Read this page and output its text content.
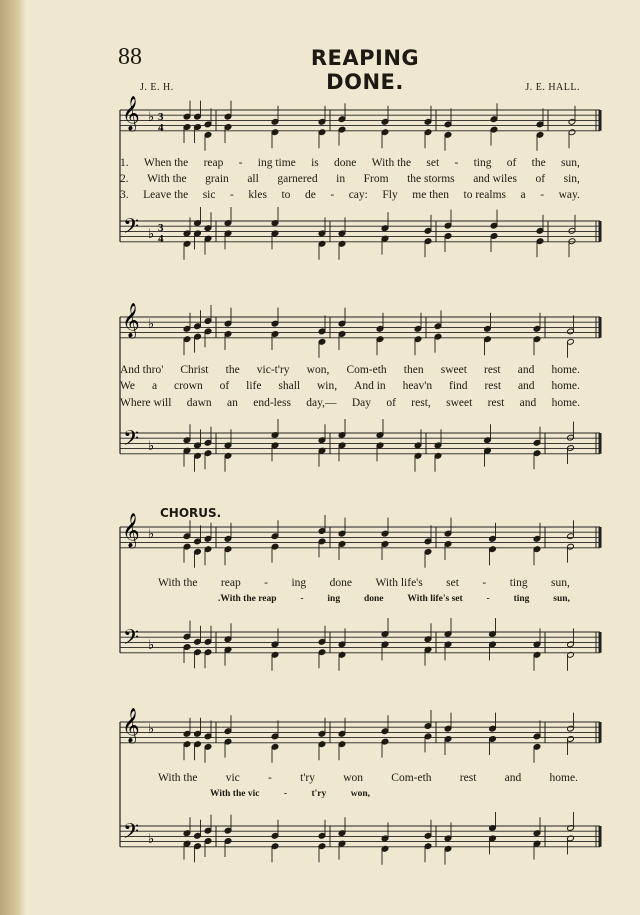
88	REAPING DONE.
J. E. H.	J. E. HALL.
𝄞
𝄢
♭
♭
3
4
3
4
𝄞
𝄢
♭
♭
𝄞
𝄢
♭
♭
𝄞
𝄢
♭
♭
1. When the reap - ing time is done With the set - ting of the sun,
2. With the grain all garnered in From the storms and wiles of sin,
3. Leave the sic - kles to de - cay: Fly me then to realms a - way.
And thro' Christ the vic-t'ry won, Com-eth then sweet rest and home.
We a crown of life shall win, And in heav'n find rest and home.
Where will dawn an end-less day,— Day of rest, sweet rest and home.
CHORUS.
With the reap - ing done With life's set - ting sun,
.With the reap	-	ing	done	With life's set	-	ting	sun,
With the vic - t'ry won Com-eth rest and home.
With the vic	-	t'ry	won,
